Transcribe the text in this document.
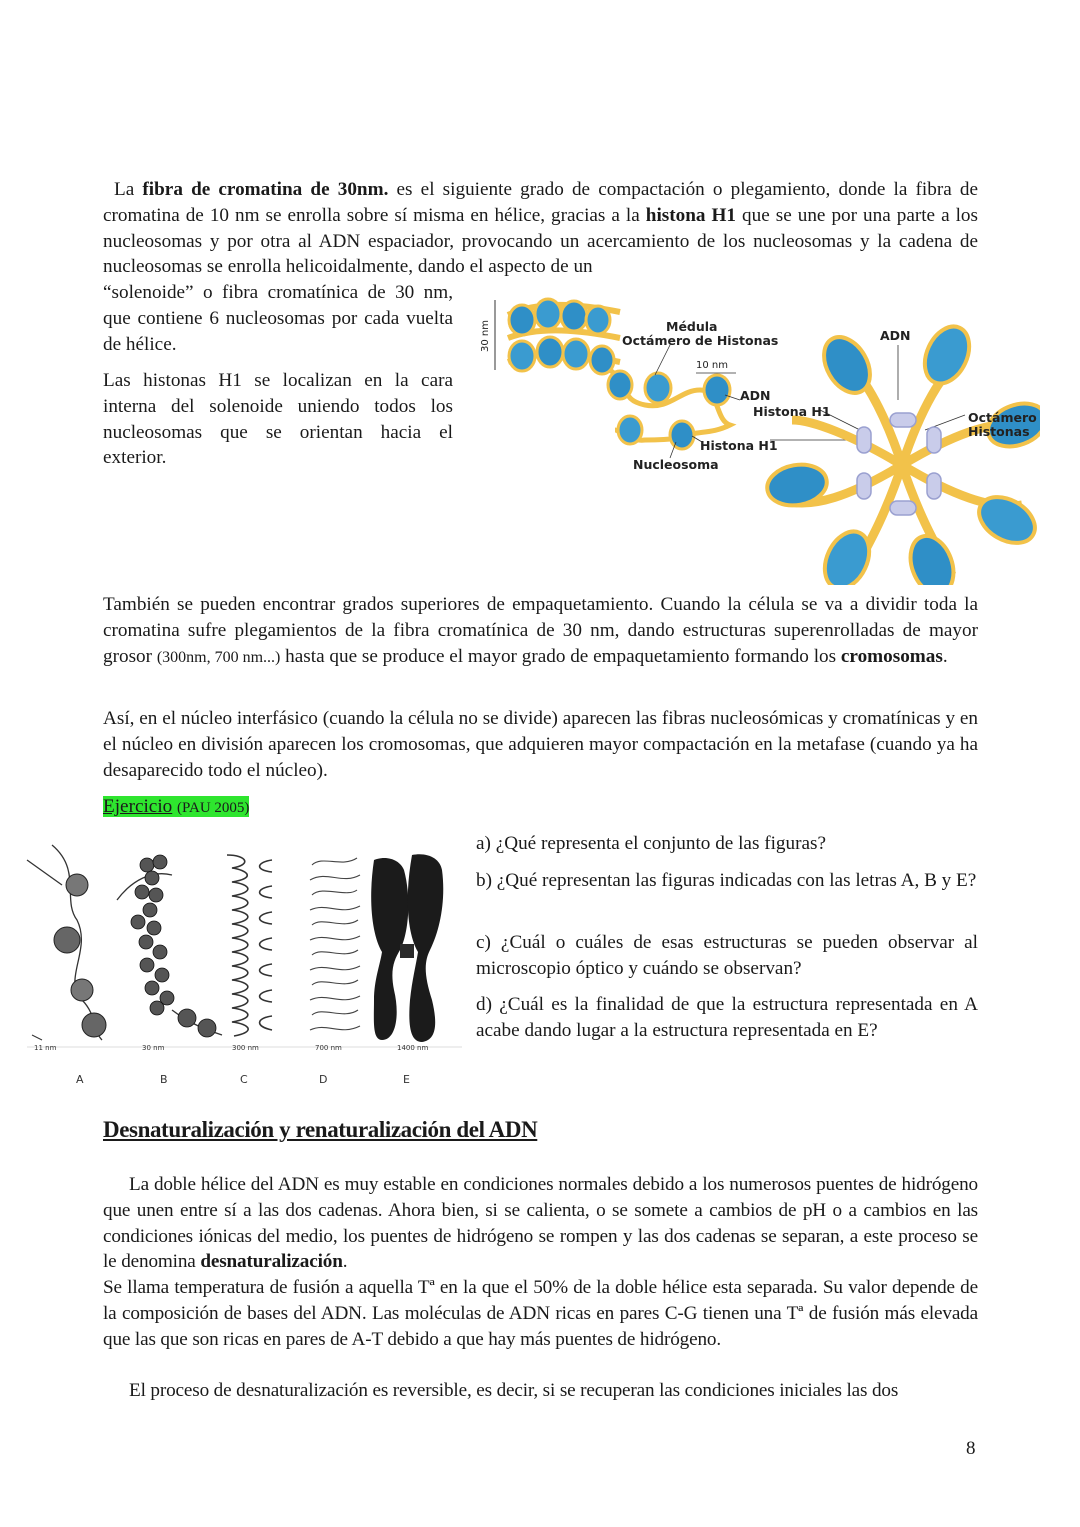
La fibra de cromatina de 30nm. es el siguiente grado de compactación o plegamiento, donde la fibra de cromatina de 10 nm se enrolla sobre sí misma en hélice, gracias a la histona H1 que se une por una parte a los nucleosomas y por otra al ADN espaciador, provocando un acercamiento de los nucleosomas y la cadena de nucleosomas se enrolla helicoidalmente, dando el aspecto de un
“solenoide” o fibra cromatínica de 30 nm, que contiene 6 nucleosomas por cada vuelta de hélice.
Las histonas H1 se localizan en la cara interna del solenoide uniendo todos los nucleosomas que se orientan hacia el exterior.
30 nm	Médula
Octámero de Histonas
10 nm
ADN
Histona H1
Histona H1
Nucleosoma
ADN
Octámero
Histonas
También se pueden encontrar grados superiores de empaquetamiento. Cuando la célula se va a dividir toda la cromatina sufre plegamientos de la fibra cromatínica de 30 nm, dando estructuras superenrolladas de mayor grosor (300nm, 700 nm...) hasta que se produce el mayor grado de empaquetamiento formando los cromosomas.
Así, en el núcleo interfásico (cuando la célula no se divide) aparecen las fibras nucleosómicas y cromatínicas y en el núcleo en división aparecen los cromosomas, que adquieren mayor compactación en la metafase (cuando ya ha desaparecido todo el núcleo).
Ejercicio (PAU 2005)
11 nm	30 nm	300 nm	700 nm	1400 nm
A	B	C	D	E
a) ¿Qué representa el conjunto de las figuras?
b) ¿Qué representan las figuras indicadas con las letras A, B y E?
c) ¿Cuál o cuáles de esas estructuras se pueden observar al microscopio óptico y cuándo se observan?
d) ¿Cuál es la finalidad de que la estructura representada en A acabe dando lugar a la estructura representada en E?
Desnaturalización y renaturalización del ADN
La doble hélice del ADN es muy estable en condiciones normales debido a los numerosos puentes de hidrógeno que unen entre sí a las dos cadenas. Ahora bien, si se calienta, o se somete a cambios de pH o a cambios en las condiciones iónicas del medio, los puentes de hidrógeno se rompen y las dos cadenas se separan, a este proceso se le denomina desnaturalización.
Se llama temperatura de fusión a aquella Tª en la que el 50% de la doble hélice esta separada. Su valor depende de la composición de bases del ADN. Las moléculas de ADN ricas en pares C-G tienen una Tª de fusión más elevada que las que son ricas en pares de A-T debido a que hay más puentes de hidrógeno.
El proceso de desnaturalización es reversible, es decir, si se recuperan las condiciones iniciales las dos
8
